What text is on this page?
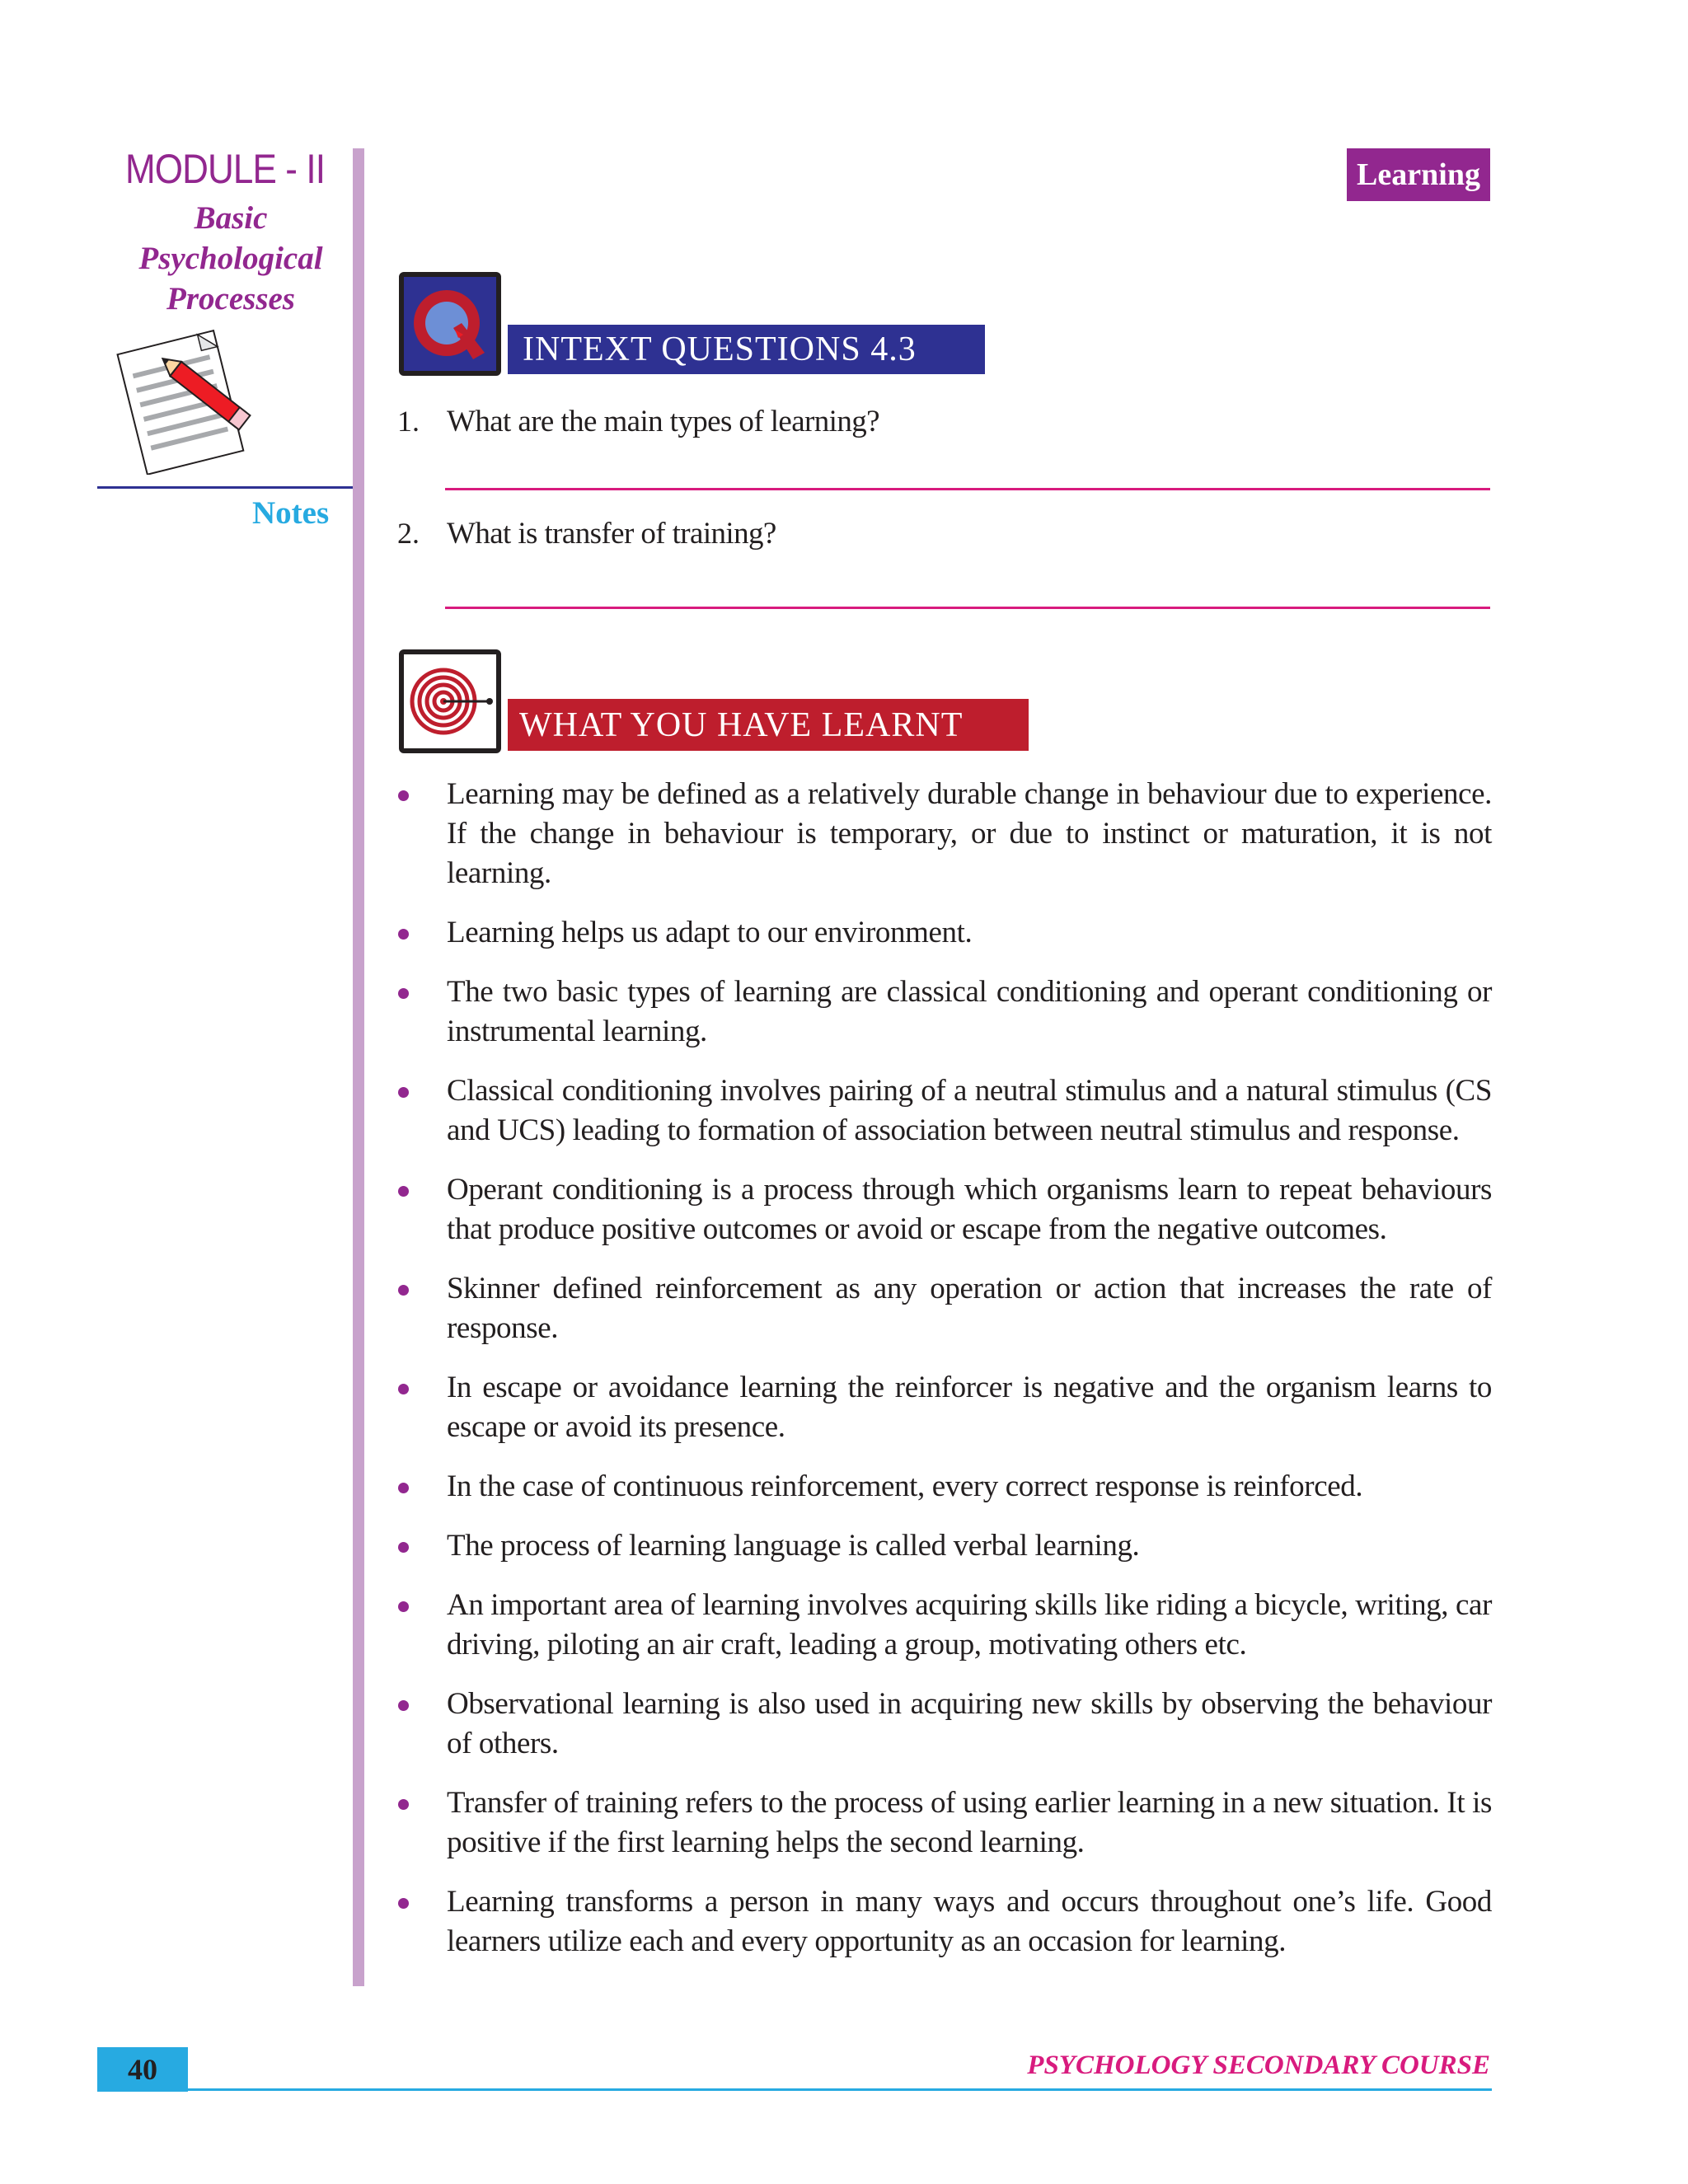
MODULE - II
Basic
Psychological
Processes
Notes
Learning
INTEXT QUESTIONS 4.3
1. What are the main types of learning?
2. What is transfer of training?
WHAT YOU HAVE LEARNT
Learning may be defined as a relatively durable change in behaviour due to experience. If the change in behaviour is temporary, or due to instinct or maturation, it is not learning.
Learning helps us adapt to our environment.
The two basic types of learning are classical conditioning and operant conditioning or instrumental learning.
Classical conditioning involves pairing of a neutral stimulus and a natural stimulus (CS and UCS) leading to formation of association between neutral stimulus and response.
Operant conditioning is a process through which organisms learn to repeat behaviours that produce positive outcomes or avoid or escape from the negative outcomes.
Skinner defined reinforcement as any operation or action that increases the rate of response.
In escape or avoidance learning the reinforcer is negative and the organism learns to escape or avoid its presence.
In the case of continuous reinforcement, every correct response is reinforced.
The process of learning language is called verbal learning.
An important area of learning involves acquiring skills like riding a bicycle, writing, car driving, piloting an air craft, leading a group, motivating others etc.
Observational learning is also used in acquiring new skills by observing the behaviour of others.
Transfer of training refers to the process of using earlier learning in a new situation. It is positive if the first learning helps the second learning.
Learning transforms a person in many ways and occurs throughout one’s life. Good learners utilize each and every opportunity as an occasion for learning.
40	PSYCHOLOGY SECONDARY COURSE
